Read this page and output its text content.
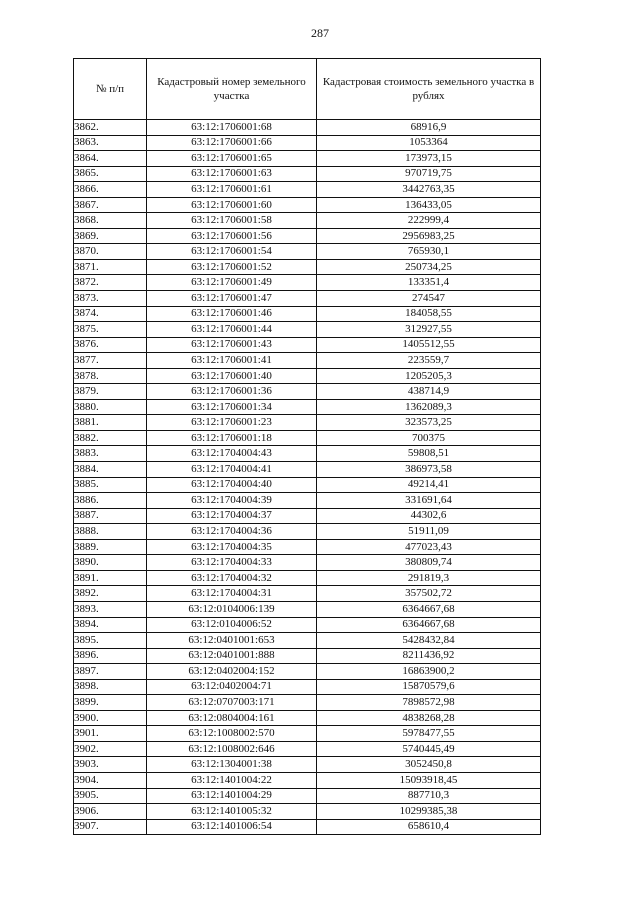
287
№ п/п	Кадастровый номер земельного участка	Кадастровая стоимость земельного участка в рублях
3862.	63:12:1706001:68	68916,9
3863.	63:12:1706001:66	1053364
3864.	63:12:1706001:65	173973,15
3865.	63:12:1706001:63	970719,75
3866.	63:12:1706001:61	3442763,35
3867.	63:12:1706001:60	136433,05
3868.	63:12:1706001:58	222999,4
3869.	63:12:1706001:56	2956983,25
3870.	63:12:1706001:54	765930,1
3871.	63:12:1706001:52	250734,25
3872.	63:12:1706001:49	133351,4
3873.	63:12:1706001:47	274547
3874.	63:12:1706001:46	184058,55
3875.	63:12:1706001:44	312927,55
3876.	63:12:1706001:43	1405512,55
3877.	63:12:1706001:41	223559,7
3878.	63:12:1706001:40	1205205,3
3879.	63:12:1706001:36	438714,9
3880.	63:12:1706001:34	1362089,3
3881.	63:12:1706001:23	323573,25
3882.	63:12:1706001:18	700375
3883.	63:12:1704004:43	59808,51
3884.	63:12:1704004:41	386973,58
3885.	63:12:1704004:40	49214,41
3886.	63:12:1704004:39	331691,64
3887.	63:12:1704004:37	44302,6
3888.	63:12:1704004:36	51911,09
3889.	63:12:1704004:35	477023,43
3890.	63:12:1704004:33	380809,74
3891.	63:12:1704004:32	291819,3
3892.	63:12:1704004:31	357502,72
3893.	63:12:0104006:139	6364667,68
3894.	63:12:0104006:52	6364667,68
3895.	63:12:0401001:653	5428432,84
3896.	63:12:0401001:888	8211436,92
3897.	63:12:0402004:152	16863900,2
3898.	63:12:0402004:71	15870579,6
3899.	63:12:0707003:171	7898572,98
3900.	63:12:0804004:161	4838268,28
3901.	63:12:1008002:570	5978477,55
3902.	63:12:1008002:646	5740445,49
3903.	63:12:1304001:38	3052450,8
3904.	63:12:1401004:22	15093918,45
3905.	63:12:1401004:29	887710,3
3906.	63:12:1401005:32	10299385,38
3907.	63:12:1401006:54	658610,4
